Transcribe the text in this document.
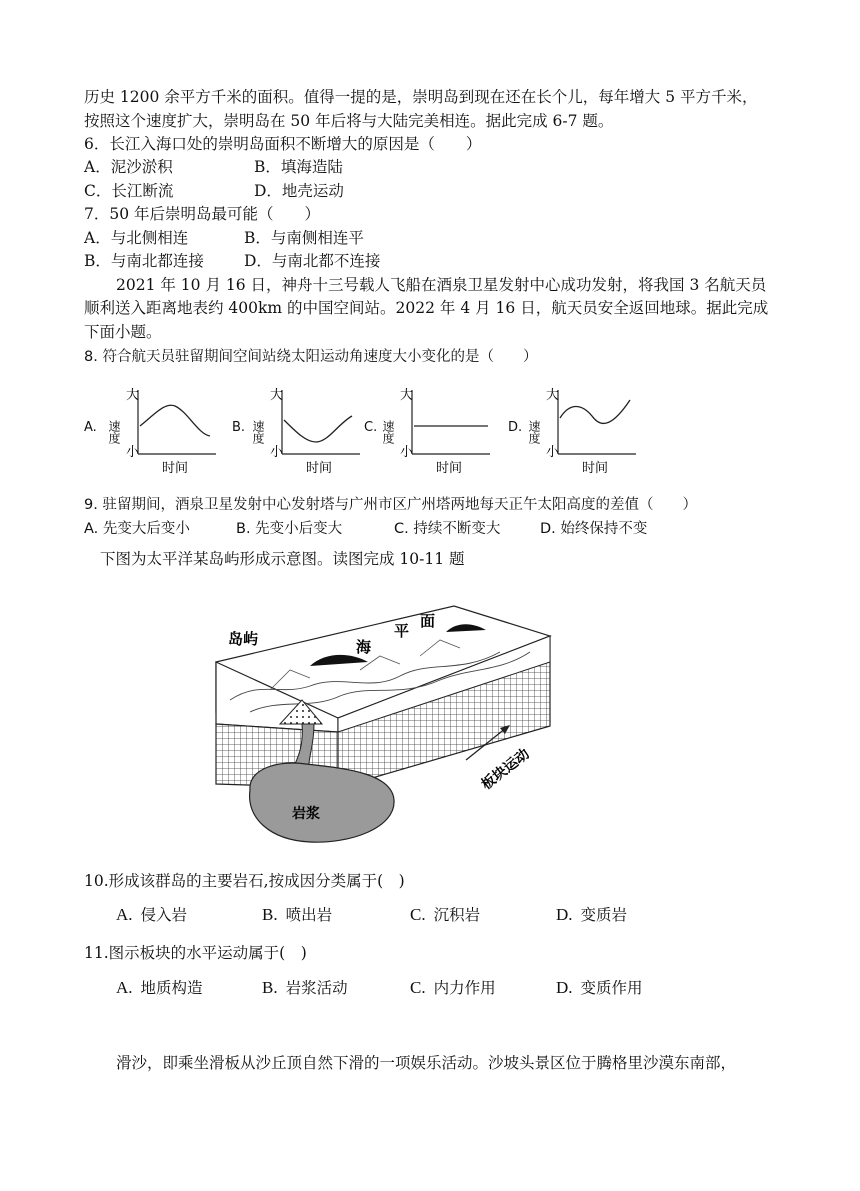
历史 1200 余平方千米的面积。值得一提的是，崇明岛到现在还在长个儿，每年增大 5 平方千米，
按照这个速度扩大，崇明岛在 50 年后将与大陆完美相连。据此完成 6-7 题。
6．长江入海口处的崇明岛面积不断增大的原因是（　　）
A．泥沙淤积	B．填海造陆
C．长江断流	D．地壳运动
7．50 年后崇明岛最可能（　　）
A．与北侧相连	B．与南侧相连平
B．与南北都连接	D．与南北都不连接
2021 年 10 月 16 日，神舟十三号载人飞船在酒泉卫星发射中心成功发射，将我国 3 名航天员
顺利送入距离地表约 400km 的中国空间站。2022 年 4 月 16 日，航天员安全返回地球。据此完成
下面小题。
8. 符合航天员驻留期间空间站绕太阳运动角速度大小变化的是（　　）
A.
大
小
速度
时间
B.
大
小
速度
时间
C.
大
小
速度
时间
D.
大
小
速度
时间
9. 驻留期间，酒泉卫星发射中心发射塔与广州市区广州塔两地每天正午太阳高度的差值（　　）
A. 先变大后变小	B. 先变小后变大	C. 持续不断变大	D. 始终保持不变
下图为太平洋某岛屿形成示意图。读图完成 10-11 题
岛屿	海
平
面
岩浆
板块运动
10.形成该群岛的主要岩石,按成因分类属于(　)
A. 侵入岩	B. 喷出岩	C. 沉积岩	D. 变质岩
11.图示板块的水平运动属于(　)
A. 地质构造	B. 岩浆活动	C. 内力作用	D. 变质作用
滑沙，即乘坐滑板从沙丘顶自然下滑的一项娱乐活动。沙坡头景区位于腾格里沙漠东南部，
